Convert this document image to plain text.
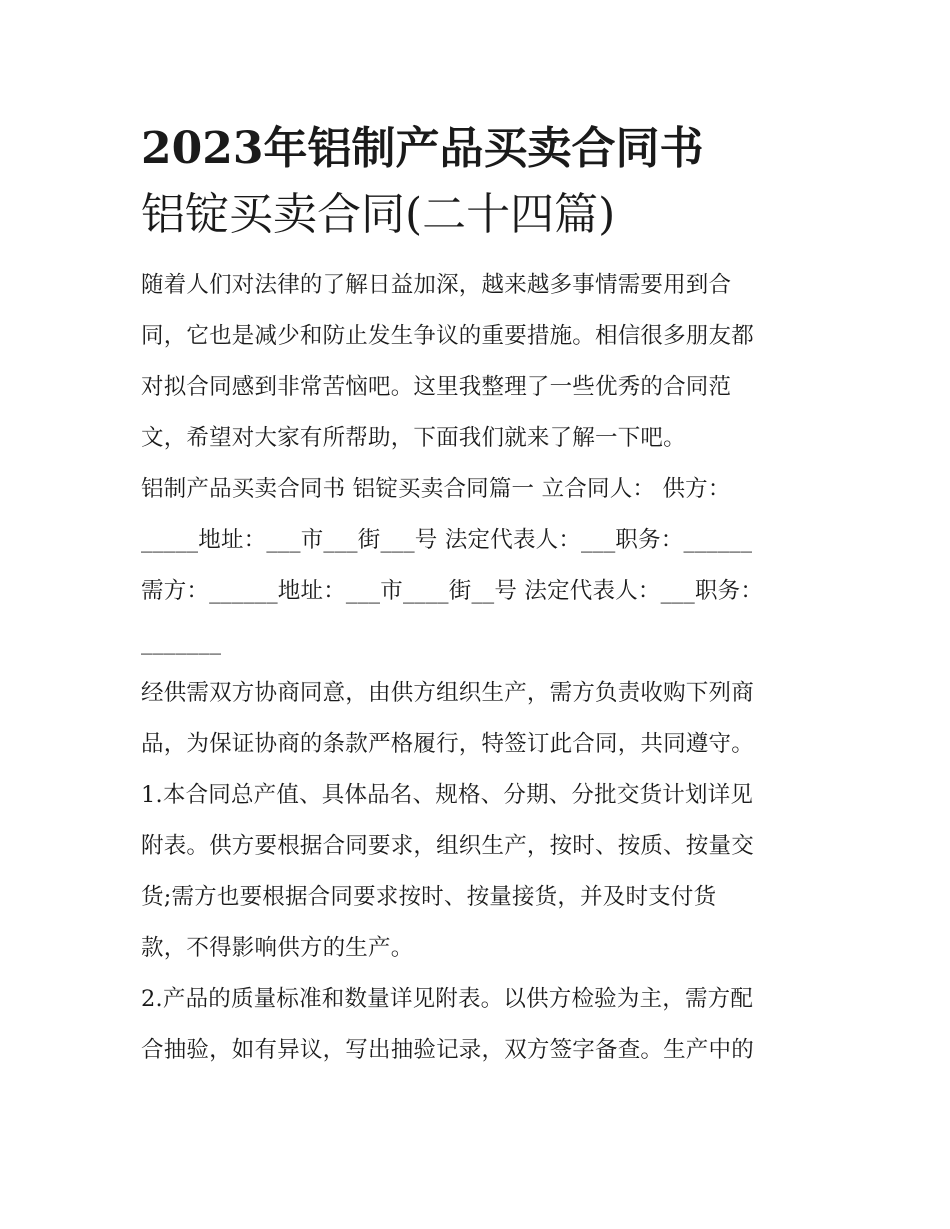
2023年铝制产品买卖合同书
铝锭买卖合同(二十四篇)

随着人们对法律的了解日益加深，越来越多事情需要用到合
同，它也是减少和防止发生争议的重要措施。相信很多朋友都
对拟合同感到非常苦恼吧。这里我整理了一些优秀的合同范
文，希望对大家有所帮助，下面我们就来了解一下吧。

铝制产品买卖合同书 铝锭买卖合同篇一 立合同人： 供方：
_____地址：___市___街___号 法定代表人：___职务：______
需方：______地址：___市____街__号 法定代表人：___职务：
_______

经供需双方协商同意，由供方组织生产，需方负责收购下列商
品，为保证协商的条款严格履行，特签订此合同，共同遵守。

1.本合同总产值、具体品名、规格、分期、分批交货计划详见
附表。供方要根据合同要求，组织生产，按时、按质、按量交
货;需方也要根据合同要求按时、按量接货，并及时支付货
款，不得影响供方的生产。

2.产品的质量标准和数量详见附表。以供方检验为主，需方配
合抽验，如有异议，写出抽验记录，双方签字备查。生产中的
